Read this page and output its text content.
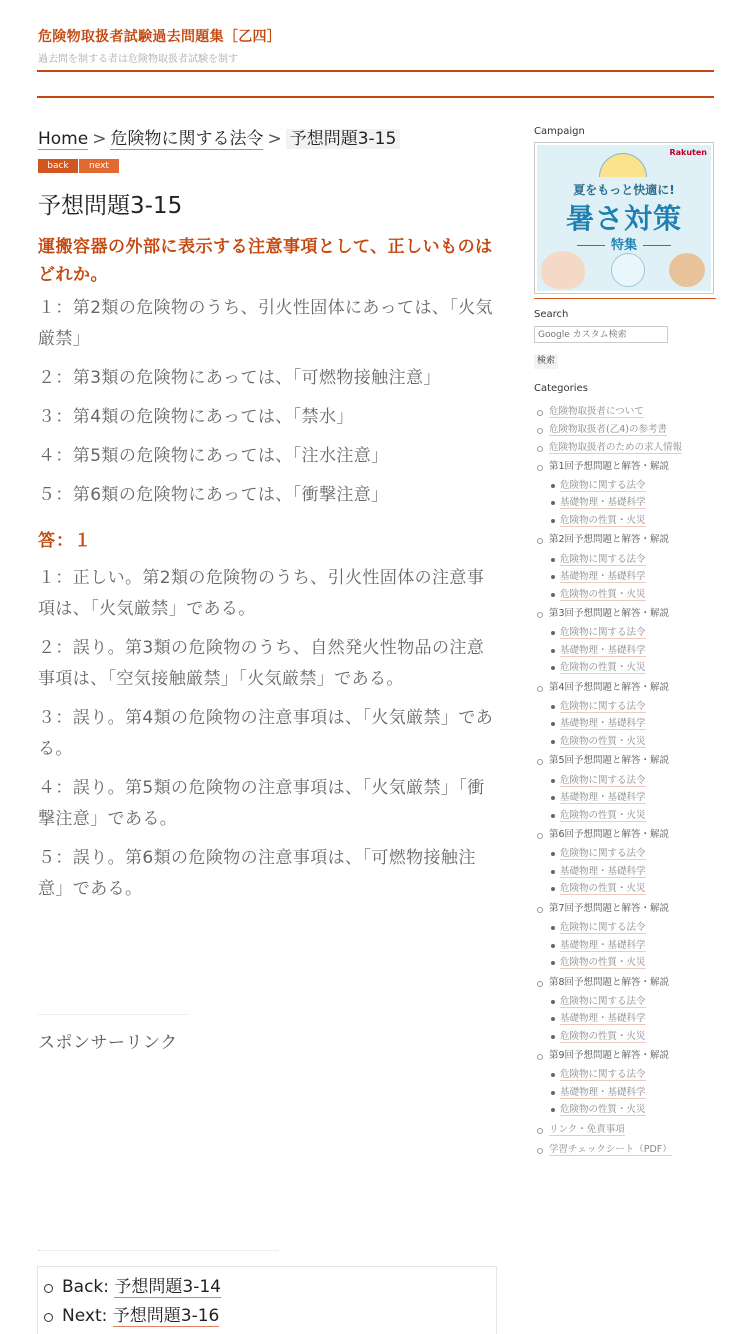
危険物取扱者試験過去問題集［乙四］
過去問を制する者は危険物取扱者試験を制す
Home > 危険物に関する法令 > 予想問題3-15
back	next
予想問題3-15
運搬容器の外部に表示する注意事項として、正しいものはどれか。
１：第2類の危険物のうち、引火性固体にあっては、「火気厳禁」
２：第3類の危険物にあっては、「可燃物接触注意」
３：第4類の危険物にあっては、「禁水」
４：第5類の危険物にあっては、「注水注意」
５：第6類の危険物にあっては、「衝撃注意」
答：１
１：正しい。第2類の危険物のうち、引火性固体の注意事項は、「火気厳禁」である。
２：誤り。第3類の危険物のうち、自然発火性物品の注意事項は、「空気接触厳禁」「火気厳禁」である。
３：誤り。第4類の危険物の注意事項は、「火気厳禁」である。
４：誤り。第5類の危険物の注意事項は、「火気厳禁」「衝撃注意」である。
５：誤り。第6類の危険物の注意事項は、「可燃物接触注意」である。
スポンサーリンク
Back: 予想問題3-14
Next: 予想問題3-16
Campaign
Rakuten
夏をもっと快適に!
暑さ対策
特集
Search
Google カスタム検索
検索
Categories
危険物取扱者について
危険物取扱者(乙4)の参考書
危険物取扱者のための求人情報
第1回予想問題と解答・解説
危険物に関する法令
基礎物理・基礎科学
危険物の性質・火災
第2回予想問題と解答・解説
危険物に関する法令
基礎物理・基礎科学
危険物の性質・火災
第3回予想問題と解答・解説
危険物に関する法令
基礎物理・基礎科学
危険物の性質・火災
第4回予想問題と解答・解説
危険物に関する法令
基礎物理・基礎科学
危険物の性質・火災
第5回予想問題と解答・解説
危険物に関する法令
基礎物理・基礎科学
危険物の性質・火災
第6回予想問題と解答・解説
危険物に関する法令
基礎物理・基礎科学
危険物の性質・火災
第7回予想問題と解答・解説
危険物に関する法令
基礎物理・基礎科学
危険物の性質・火災
第8回予想問題と解答・解説
危険物に関する法令
基礎物理・基礎科学
危険物の性質・火災
第9回予想問題と解答・解説
危険物に関する法令
基礎物理・基礎科学
危険物の性質・火災
リンク・免責事項
学習チェックシート（PDF）
